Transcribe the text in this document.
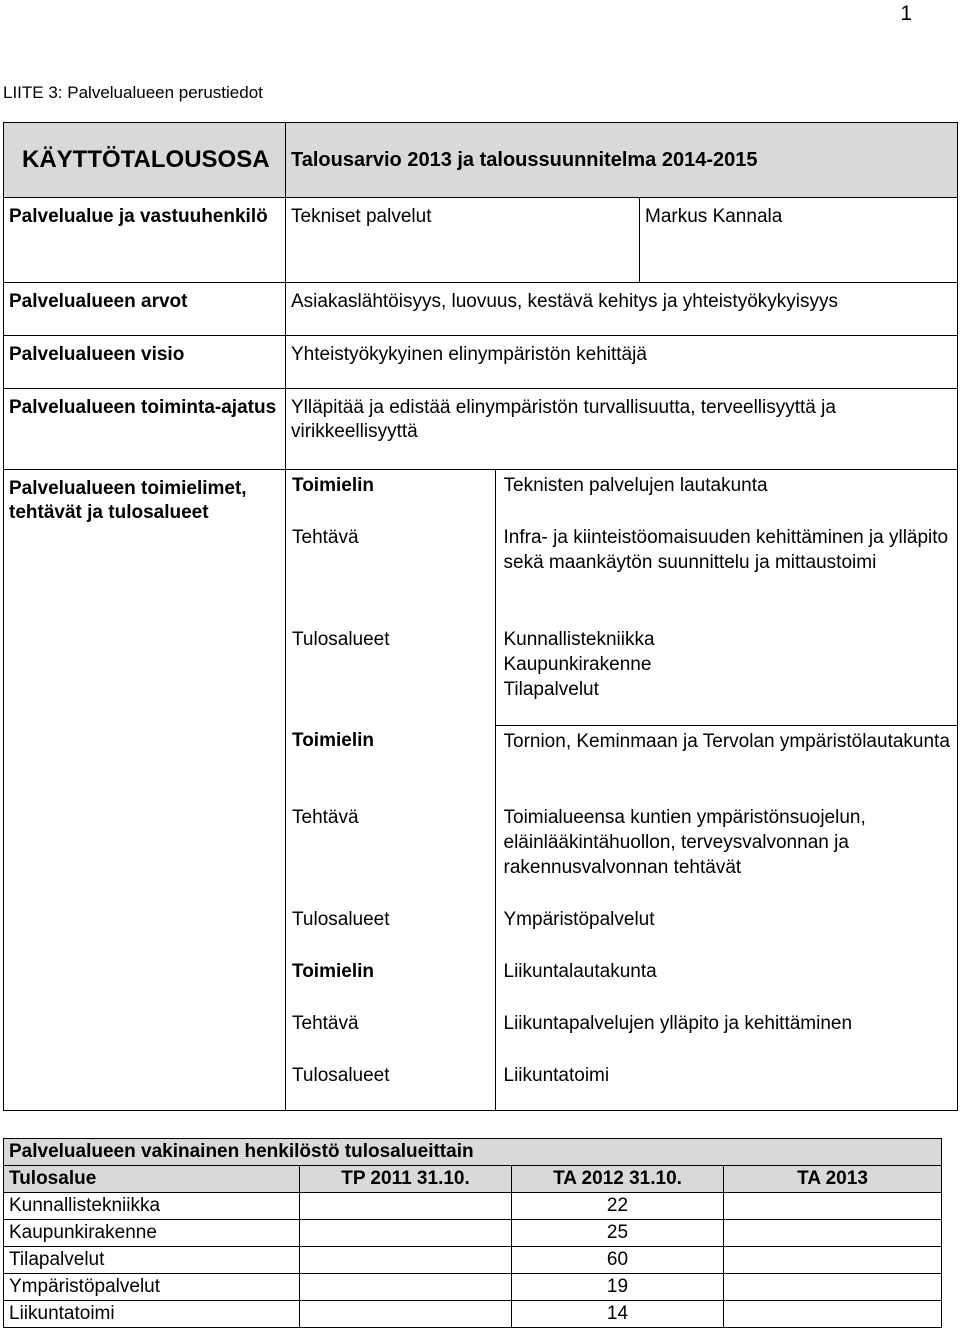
1
LIITE 3: Palvelualueen perustiedot
KÄYTTÖTALOUSOSA	Talousarvio 2013 ja taloussuunnitelma 2014-2015
Palvelualue ja vastuuhenkilö	Tekniset palvelut	Markus Kannala
Palvelualueen arvot	Asiakaslähtöisyys, luovuus, kestävä kehitys ja yhteistyökykyisyys
Palvelualueen visio	Yhteistyökykyinen elinympäristön kehittäjä
Palvelualueen toiminta-ajatus	Ylläpitää ja edistää elinympäristön turvallisuutta, terveellisyyttä ja virikkeellisyyttä
Palvelualueen toimielimet, tehtävät ja tulosalueet	
Toimielin	Teknisten palvelujen lautakunta
Tehtävä	Infra- ja kiinteistöomaisuuden kehittäminen ja ylläpito sekä maankäytön suunnittelu ja mittaustoimi
Tulosalueet	Kunnallistekniikka
Kaupunkirakenne
Tilapalvelut

Toimielin	Tornion, Keminmaan ja Tervolan ympäristölautakunta
Tehtävä	Toimialueensa kuntien ympäristönsuojelun, eläinlääkintähuollon, terveysvalvonnan ja rakennusvalvonnan tehtävät
Tulosalueet	Ympäristöpalvelut

Toimielin	Liikuntalautakunta
Tehtävä	Liikuntapalvelujen ylläpito ja kehittäminen
Tulosalueet	Liikuntatoimi
Palvelualueen vakinainen henkilöstö tulosalueittain			
Tulosalue	TP 2011 31.10.	TA 2012 31.10.	TA 2013
Kunnallistekniikka		22	
Kaupunkirakenne		25	
Tilapalvelut		60	
Ympäristöpalvelut		19	
Liikuntatoimi		14	
